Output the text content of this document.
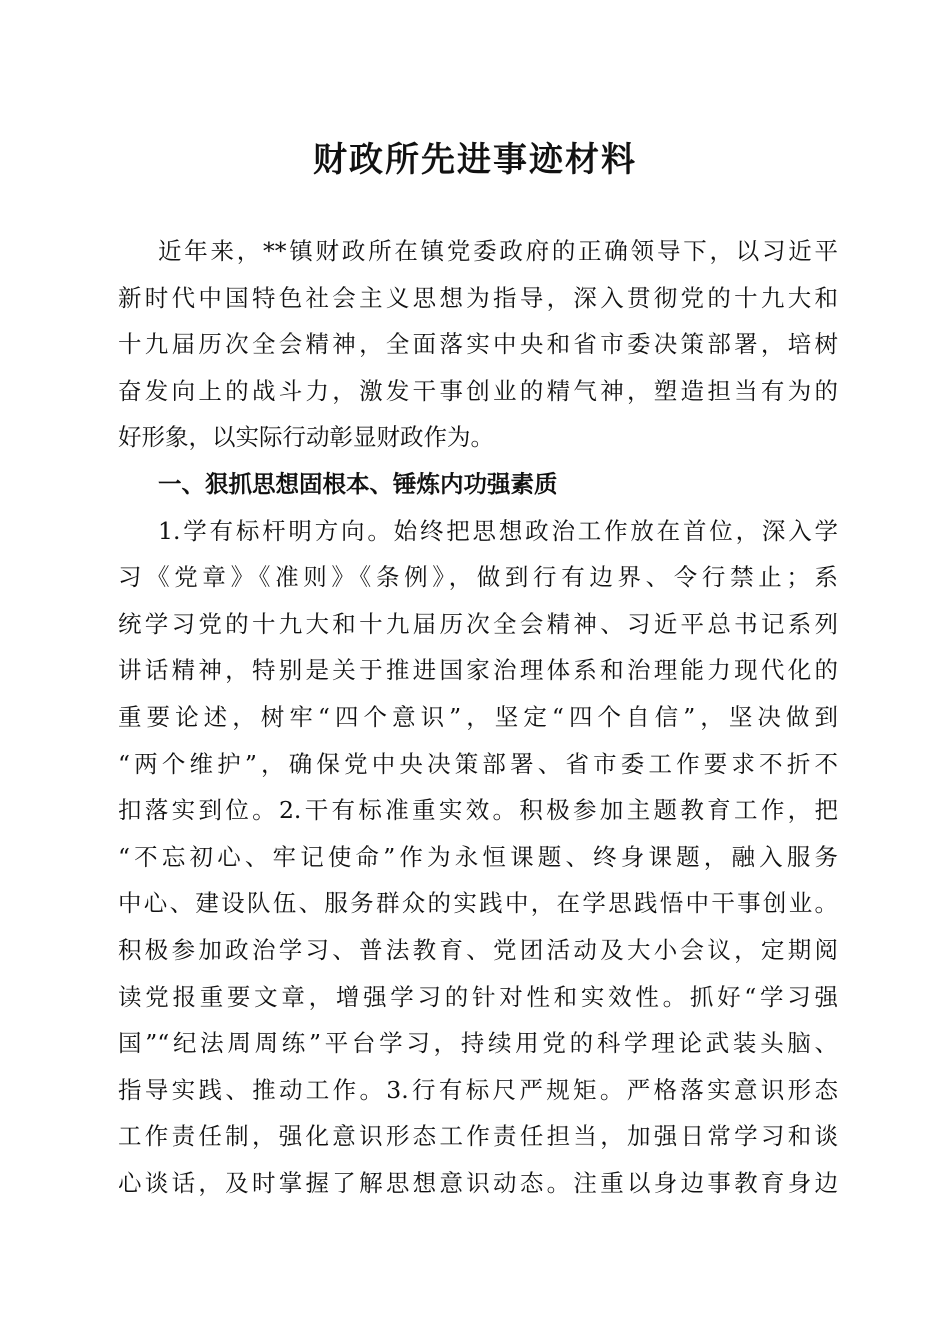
财政所先进事迹材料
近年来，**镇财政所在镇党委政府的正确领导下，以习近平
新时代中国特色社会主义思想为指导，深入贯彻党的十九大和
十九届历次全会精神，全面落实中央和省市委决策部署，培树
奋发向上的战斗力，激发干事创业的精气神，塑造担当有为的
好形象，以实际行动彰显财政作为。
一、狠抓思想固根本、锤炼内功强素质
1.学有标杆明方向。始终把思想政治工作放在首位，深入学
习《党章》《准则》《条例》，做到行有边界、令行禁止；系
统学习党的十九大和十九届历次全会精神、习近平总书记系列
讲话精神，特别是关于推进国家治理体系和治理能力现代化的
重要论述，树牢“四个意识”，坚定“四个自信”，坚决做到
“两个维护”，确保党中央决策部署、省市委工作要求不折不
扣落实到位。2.干有标准重实效。积极参加主题教育工作，把
“不忘初心、牢记使命”作为永恒课题、终身课题，融入服务
中心、建设队伍、服务群众的实践中，在学思践悟中干事创业。
积极参加政治学习、普法教育、党团活动及大小会议，定期阅
读党报重要文章，增强学习的针对性和实效性。抓好“学习强
国”“纪法周周练”平台学习，持续用党的科学理论武装头脑、
指导实践、推动工作。3.行有标尺严规矩。严格落实意识形态
工作责任制，强化意识形态工作责任担当，加强日常学习和谈
心谈话，及时掌握了解思想意识动态。注重以身边事教育身边
